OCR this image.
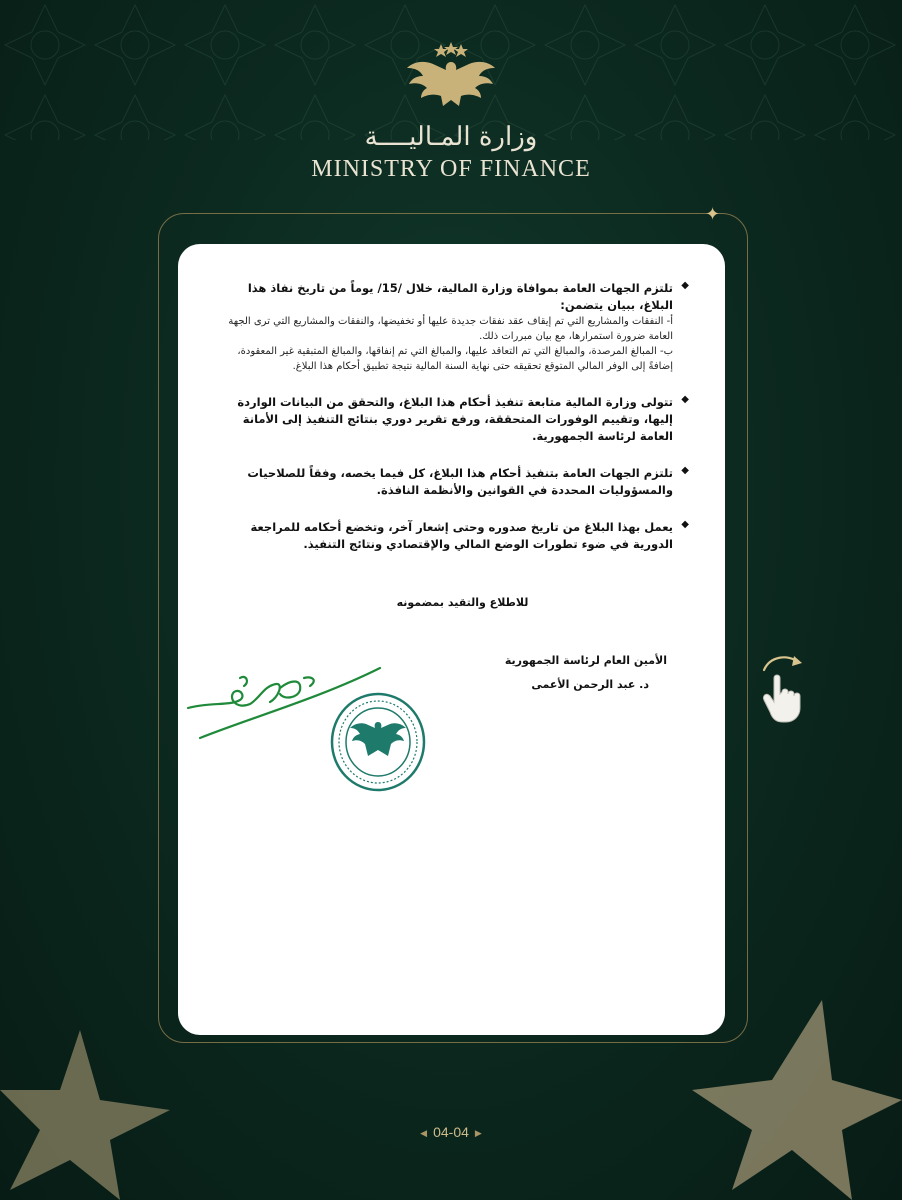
وزارة المـاليــــة
MINISTRY OF FINANCE
✦
◆
تلتزم الجهات العامة بموافاة وزارة المالية، خلال /15/ يوماً من تاريخ نفاذ هذا البلاغ، ببيان يتضمن:
أ- النفقات والمشاريع التي تم إيقاف عقد نفقات جديدة عليها أو تخفيضها، والنفقات والمشاريع التي ترى الجهة العامة ضرورة استمرارها، مع بيان مبررات ذلك.
ب- المبالغ المرصدة، والمبالغ التي تم التعاقد عليها، والمبالغ التي تم إنفاقها، والمبالغ المتبقية غير المعقودة، إضافةً إلى الوفر المالي المتوقع تحقيقه حتى نهاية السنة المالية نتيجة تطبيق أحكام هذا البلاغ.
◆
تتولى وزارة المالية متابعة تنفيذ أحكام هذا البلاغ، والتحقق من البيانات الواردة إليها، وتقييم الوفورات المتحققة، ورفع تقرير دوري بنتائج التنفيذ إلى الأمانة العامة لرئاسة الجمهورية.
◆
تلتزم الجهات العامة بتنفيذ أحكام هذا البلاغ، كل فيما يخصه، وفقاً للصلاحيات والمسؤوليات المحددة في القوانين والأنظمة النافذة.
◆
يعمل بهذا البلاغ من تاريخ صدوره وحتى إشعار آخر، وتخضع أحكامه للمراجعة الدورية في ضوء تطورات الوضع المالي والإقتصادي ونتائج التنفيذ.
للاطلاع والتقيد بمضمونه
الأمين العام لرئاسة الجمهورية
د. عبد الرحمن الأعمى
◀ 04-04 ▶
